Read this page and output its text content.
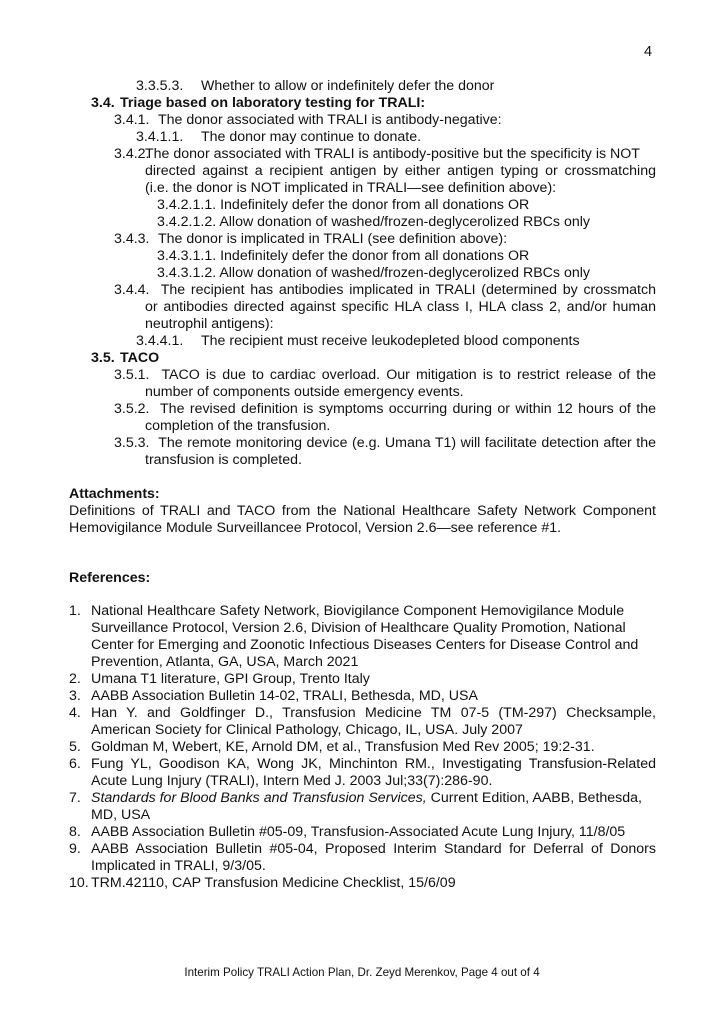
4
3.3.5.3. Whether to allow or indefinitely defer the donor
3.4. Triage based on laboratory testing for TRALI:
3.4.1. The donor associated with TRALI is antibody-negative:
3.4.1.1. The donor may continue to donate.
3.4.2.The donor associated with TRALI is antibody-positive but the specificity is NOT
directed against a recipient antigen by either antigen typing or crossmatching
(i.e. the donor is NOT implicated in TRALI—see definition above):
3.4.2.1.1. Indefinitely defer the donor from all donations OR
3.4.2.1.2. Allow donation of washed/frozen-deglycerolized RBCs only
3.4.3. The donor is implicated in TRALI (see definition above):
3.4.3.1.1. Indefinitely defer the donor from all donations OR
3.4.3.1.2. Allow donation of washed/frozen-deglycerolized RBCs only
3.4.4. The recipient has antibodies implicated in TRALI (determined by crossmatch
or antibodies directed against specific HLA class I, HLA class 2, and/or human
neutrophil antigens):
3.4.4.1. The recipient must receive leukodepleted blood components
3.5. TACO
3.5.1. TACO is due to cardiac overload. Our mitigation is to restrict release of the
number of components outside emergency events.
3.5.2. The revised definition is symptoms occurring during or within 12 hours of the
completion of the transfusion.
3.5.3. The remote monitoring device (e.g. Umana T1) will facilitate detection after the
transfusion is completed.
Attachments:
Definitions of TRALI and TACO from the National Healthcare Safety Network Component
Hemovigilance Module Surveillancee Protocol, Version 2.6—see reference #1.
References:
1. National Healthcare Safety Network, Biovigilance Component Hemovigilance Module
Surveillance Protocol, Version 2.6, Division of Healthcare Quality Promotion, National
Center for Emerging and Zoonotic Infectious Diseases Centers for Disease Control and
Prevention, Atlanta, GA, USA, March 2021
2. Umana T1 literature, GPI Group, Trento Italy
3. AABB Association Bulletin 14-02, TRALI, Bethesda, MD, USA
4. Han Y. and Goldfinger D., Transfusion Medicine TM 07-5 (TM-297) Checksample,
American Society for Clinical Pathology, Chicago, IL, USA. July 2007
5. Goldman M, Webert, KE, Arnold DM, et al., Transfusion Med Rev 2005; 19:2-31.
6. Fung YL, Goodison KA, Wong JK, Minchinton RM., Investigating Transfusion-Related
Acute Lung Injury (TRALI), Intern Med J. 2003 Jul;33(7):286-90.
7. Standards for Blood Banks and Transfusion Services, Current Edition, AABB, Bethesda,
MD, USA
8. AABB Association Bulletin #05-09, Transfusion-Associated Acute Lung Injury, 11/8/05
9. AABB Association Bulletin #05-04, Proposed Interim Standard for Deferral of Donors
Implicated in TRALI, 9/3/05.
10. TRM.42110, CAP Transfusion Medicine Checklist, 15/6/09
Interim Policy TRALI Action Plan, Dr. Zeyd Merenkov, Page 4 out of 4
